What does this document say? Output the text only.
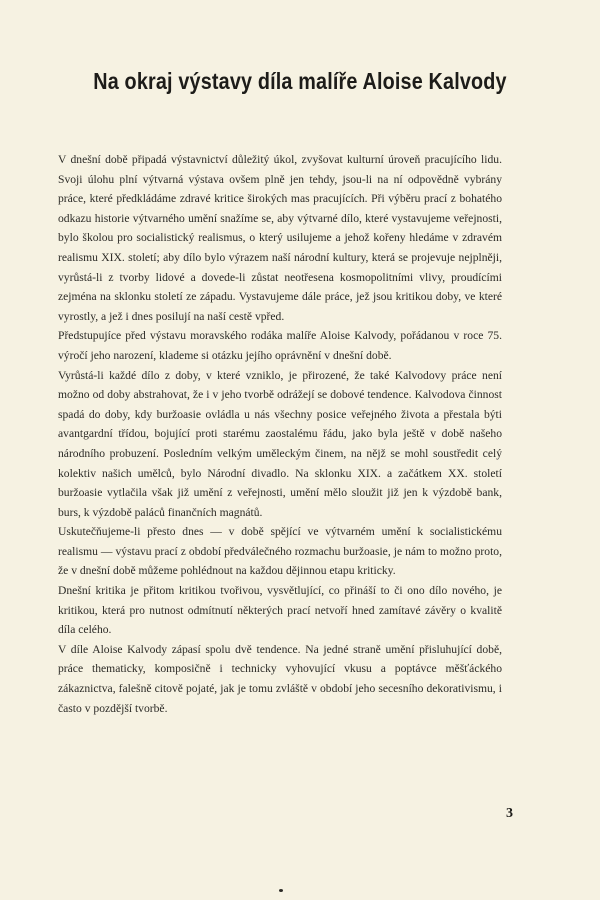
Na okraj výstavy díla malíře Aloise Kalvody

V dnešní době připadá výstavnictví důležitý úkol, zvyšovat kulturní úroveň pracujícího lidu. Svoji úlohu plní výtvarná výstava ovšem plně jen tehdy, jsou-li na ní odpovědně vybrány práce, které předkládáme zdravé kritice širokých mas pracujících. Při výběru prací z bohatého odkazu historie výtvarného umění snažíme se, aby výtvarné dílo, které vystavujeme veřejnosti, bylo školou pro socialistický realismus, o který usilujeme a jehož kořeny hledáme v zdravém realismu XIX. století; aby dílo bylo výrazem naší národní kultury, která se projevuje nejplněji, vyrůstá-li z tvorby lidové a dovede-li zůstat neotřesena kosmopolitními vlivy, proudícími zejména na sklonku století ze západu. Vystavujeme dále práce, jež jsou kritikou doby, ve které vyrostly, a jež i dnes posilují na naší cestě vpřed.

Předstupujíce před výstavu moravského rodáka malíře Aloise Kalvody, pořádanou v roce 75. výročí jeho narození, klademe si otázku jejího oprávnění v dnešní době.

Vyrůstá-li každé dílo z doby, v které vzniklo, je přirozené, že také Kalvodovy práce není možno od doby abstrahovat, že i v jeho tvorbě odrážejí se dobové tendence. Kalvodova činnost spadá do doby, kdy buržoasie ovládla u nás všechny posice veřejného života a přestala býti avantgardní třídou, bojující proti starému zaostalému řádu, jako byla ještě v době našeho národního probuzení. Posledním velkým uměleckým činem, na nějž se mohl soustředit celý kolektiv našich umělců, bylo Národní divadlo. Na sklonku XIX. a začátkem XX. století buržoasie vytlačila však již umění z veřejnosti, umění mělo sloužit již jen k výzdobě bank, burs, k výzdobě paláců finančních magnátů.

Uskutečňujeme-li přesto dnes — v době spějící ve výtvarném umění k socialistickému realismu — výstavu prací z období předválečného rozmachu buržoasie, je nám to možno proto, že v dnešní době můžeme pohlédnout na každou dějinnou etapu kriticky.

Dnešní kritika je přitom kritikou tvořivou, vysvětlující, co přináší to či ono dílo nového, je kritikou, která pro nutnost odmítnutí některých prací netvoří hned zamítavé závěry o kvalitě díla celého.

V díle Aloise Kalvody zápasí spolu dvě tendence. Na jedné straně umění přisluhující době, práce thematicky, komposičně i technicky vyhovující vkusu a poptávce měšťáckého zákaznictva, falešně citově pojaté, jak je tomu zvláště v období jeho secesního dekorativismu, i často v pozdější tvorbě.

3
